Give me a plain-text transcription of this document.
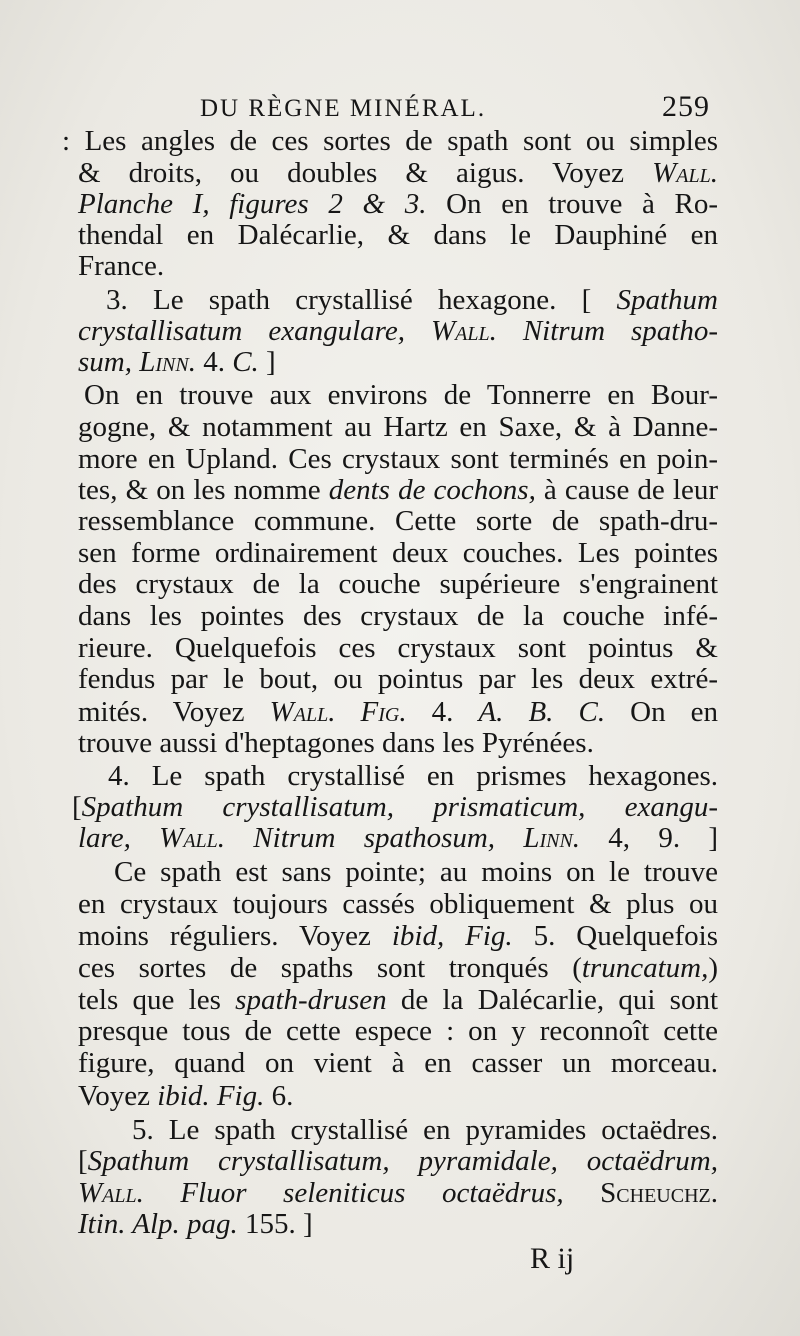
DU RÈGNE MINÉRAL.	259
: Les angles de ces sortes de spath sont ou simples
& droits, ou doubles & aigus. Voyez Wall.
Planche I, figures 2 & 3. On en trouve à Ro-
thendal en Dalécarlie, & dans le Dauphiné en
France.
3. Le spath crystallisé hexagone. [ Spathum
crystallisatum exangulare, Wall. Nitrum spatho-
sum, Linn. 4. C. ]
On en trouve aux environs de Tonnerre en Bour-
gogne, & notamment au Hartz en Saxe, & à Danne-
more en Upland. Ces crystaux sont terminés en poin-
tes, & on les nomme dents de cochons, à cause de leur
ressemblance commune. Cette sorte de spath-dru-
sen forme ordinairement deux couches. Les pointes
des crystaux de la couche supérieure s'engrainent
dans les pointes des crystaux de la couche infé-
rieure. Quelquefois ces crystaux sont pointus &
fendus par le bout, ou pointus par les deux extré-
mités. Voyez Wall. Fig. 4. A. B. C. On en
trouve aussi d'heptagones dans les Pyrénées.
4. Le spath crystallisé en prismes hexagones.
[Spathum crystallisatum, prismaticum, exangu-
lare, Wall. Nitrum spathosum, Linn. 4, 9. ]
Ce spath est sans pointe; au moins on le trouve
en crystaux toujours cassés obliquement & plus ou
moins réguliers. Voyez ibid, Fig. 5. Quelquefois
ces sortes de spaths sont tronqués (truncatum,)
tels que les spath-drusen de la Dalécarlie, qui sont
presque tous de cette espece : on y reconnoît cette
figure, quand on vient à en casser un morceau.
Voyez ibid. Fig. 6.
5. Le spath crystallisé en pyramides octaëdres.
[Spathum crystallisatum, pyramidale, octaëdrum,
Wall. Fluor seleniticus octaëdrus, Scheuchz.
Itin. Alp. pag. 155. ]
R ij
